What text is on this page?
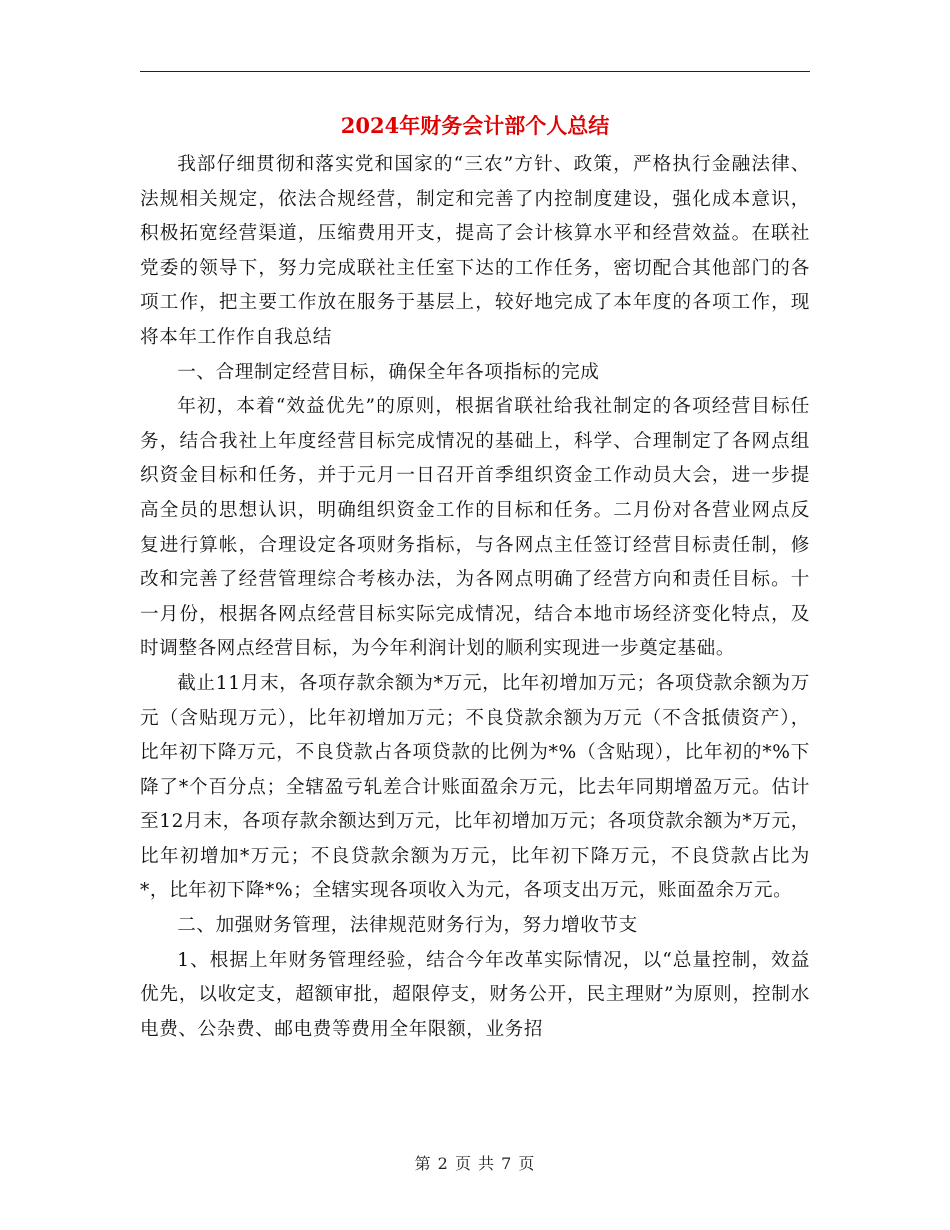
2024年财务会计部个人总结

我部仔细贯彻和落实党和国家的“三农”方针、政策，严格执行金融法律、法规相关规定，依法合规经营，制定和完善了内控制度建设，强化成本意识，积极拓宽经营渠道，压缩费用开支，提高了会计核算水平和经营效益。在联社党委的领导下，努力完成联社主任室下达的工作任务，密切配合其他部门的各项工作，把主要工作放在服务于基层上，较好地完成了本年度的各项工作，现将本年工作作自我总结

一、合理制定经营目标，确保全年各项指标的完成

年初，本着“效益优先”的原则，根据省联社给我社制定的各项经营目标任务，结合我社上年度经营目标完成情况的基础上，科学、合理制定了各网点组织资金目标和任务，并于元月一日召开首季组织资金工作动员大会，进一步提高全员的思想认识，明确组织资金工作的目标和任务。二月份对各营业网点反复进行算帐，合理设定各项财务指标，与各网点主任签订经营目标责任制，修改和完善了经营管理综合考核办法，为各网点明确了经营方向和责任目标。十一月份，根据各网点经营目标实际完成情况，结合本地市场经济变化特点，及时调整各网点经营目标，为今年利润计划的顺利实现进一步奠定基础。

截止11月末，各项存款余额为*万元，比年初增加万元；各项贷款余额为万元（含贴现万元），比年初增加万元；不良贷款余额为万元（不含抵债资产），比年初下降万元，不良贷款占各项贷款的比例为*%（含贴现），比年初的*%下降了*个百分点；全辖盈亏轧差合计账面盈余万元，比去年同期增盈万元。估计至12月末，各项存款余额达到万元，比年初增加万元；各项贷款余额为*万元，比年初增加*万元；不良贷款余额为万元，比年初下降万元，不良贷款占比为*，比年初下降*%；全辖实现各项收入为元，各项支出万元，账面盈余万元。

二、加强财务管理，法律规范财务行为，努力增收节支

1、根据上年财务管理经验，结合今年改革实际情况，以“总量控制，效益优先，以收定支，超额审批，超限停支，财务公开，民主理财”为原则，控制水电费、公杂费、邮电费等费用全年限额，业务招

第 2 页 共 7 页
